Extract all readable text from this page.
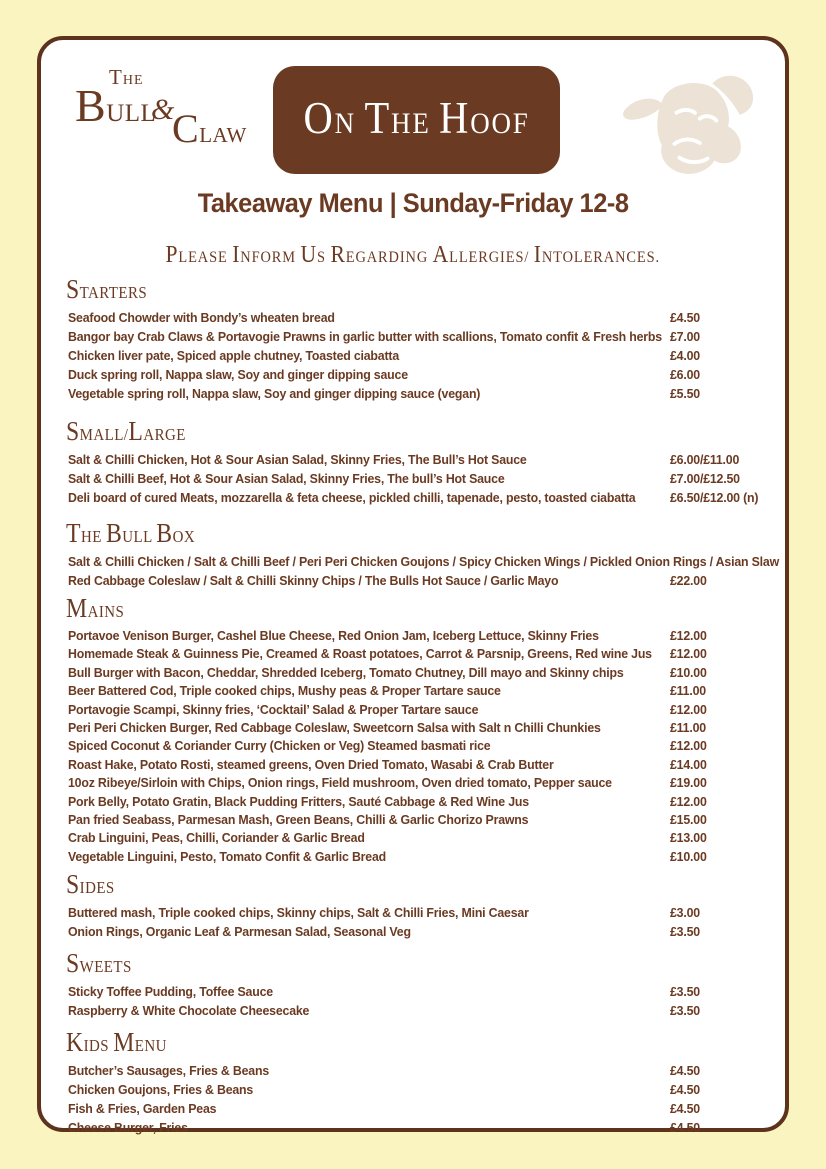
THE
BULL
&
CLAW	ON THE HOOF
Takeaway Menu | Sunday-Friday 12-8
PLEASE INFORM US REGARDING ALLERGIES/ INTOLERANCES.
STARTERS
Seafood Chowder with Bondy’s wheaten bread	£4.50
Bangor bay Crab Claws & Portavogie Prawns in garlic butter with scallions, Tomato confit & Fresh herbs £7.00
Chicken liver pate, Spiced apple chutney, Toasted ciabatta	£4.00
Duck spring roll, Nappa slaw, Soy and ginger dipping sauce	£6.00
Vegetable spring roll, Nappa slaw, Soy and ginger dipping sauce (vegan)	£5.50
SMALL/LARGE
Salt & Chilli Chicken, Hot & Sour Asian Salad, Skinny Fries, The Bull’s Hot Sauce	£6.00/£11.00
Salt & Chilli Beef, Hot & Sour Asian Salad, Skinny Fries, The bull’s Hot Sauce	£7.00/£12.50
Deli board of cured Meats, mozzarella & feta cheese, pickled chilli, tapenade, pesto, toasted ciabatta	£6.50/£12.00 (n)
THE BULL BOX
Salt & Chilli Chicken / Salt & Chilli Beef / Peri Peri Chicken Goujons / Spicy Chicken Wings / Pickled Onion Rings / Asian Slaw
Red Cabbage Coleslaw / Salt & Chilli Skinny Chips / The Bulls Hot Sauce / Garlic Mayo	£22.00
MAINS
Portavoe Venison Burger, Cashel Blue Cheese, Red Onion Jam, Iceberg Lettuce, Skinny Fries	£12.00
Homemade Steak & Guinness Pie, Creamed & Roast potatoes, Carrot & Parsnip, Greens, Red wine Jus £12.00
Bull Burger with Bacon, Cheddar, Shredded Iceberg, Tomato Chutney, Dill mayo and Skinny chips	£10.00
Beer Battered Cod, Triple cooked chips, Mushy peas & Proper Tartare sauce	£11.00
Portavogie Scampi, Skinny fries, ‘Cocktail’ Salad & Proper Tartare sauce	£12.00
Peri Peri Chicken Burger, Red Cabbage Coleslaw, Sweetcorn Salsa with Salt n Chilli Chunkies	£11.00
Spiced Coconut & Coriander Curry (Chicken or Veg) Steamed basmati rice	£12.00
Roast Hake, Potato Rosti, steamed greens, Oven Dried Tomato, Wasabi & Crab Butter	£14.00
10oz Ribeye/Sirloin with Chips, Onion rings, Field mushroom, Oven dried tomato, Pepper sauce	£19.00
Pork Belly, Potato Gratin, Black Pudding Fritters, Sauté Cabbage & Red Wine Jus	£12.00
Pan fried Seabass, Parmesan Mash, Green Beans, Chilli & Garlic Chorizo Prawns	£15.00
Crab Linguini, Peas, Chilli, Coriander & Garlic Bread	£13.00
Vegetable Linguini, Pesto, Tomato Confit & Garlic Bread	£10.00
SIDES
Buttered mash, Triple cooked chips, Skinny chips, Salt & Chilli Fries, Mini Caesar	£3.00
Onion Rings, Organic Leaf & Parmesan Salad, Seasonal Veg	£3.50
SWEETS
Sticky Toffee Pudding, Toffee Sauce	£3.50
Raspberry & White Chocolate Cheesecake	£3.50
KIDS MENU
Butcher’s Sausages, Fries & Beans	£4.50
Chicken Goujons, Fries & Beans	£4.50
Fish & Fries, Garden Peas	£4.50
Cheese Burger, Fries	£4.50
